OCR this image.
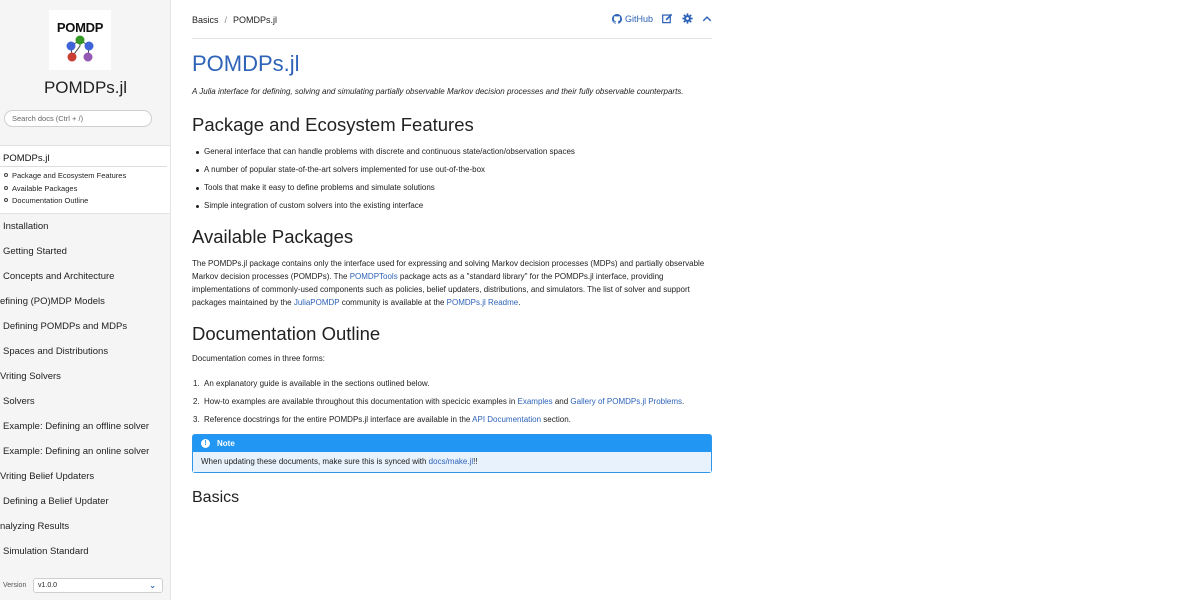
POMDP
POMDPs.jl
Search docs (Ctrl + /)
POMDPs.jl
Package and Ecosystem Features
Available Packages
Documentation Outline
Installation
Getting Started
Concepts and Architecture
efining (PO)MDP Models
Defining POMDPs and MDPs
Spaces and Distributions
Vriting Solvers
Solvers
Example: Defining an offline solver
Example: Defining an online solver
Vriting Belief Updaters
Defining a Belief Updater
nalyzing Results
Simulation Standard
Version	v1.0.0	⌄
Basics / POMDPs.jl	GitHub
POMDPs.jl

A Julia interface for defining, solving and simulating partially observable Markov decision processes and their fully observable counterparts.

Package and Ecosystem Features
General interface that can handle problems with discrete and continuous state/action/observation spaces
A number of popular state-of-the-art solvers implemented for use out-of-the-box
Tools that make it easy to define problems and simulate solutions
Simple integration of custom solvers into the existing interface
Available Packages

The POMDPs.jl package contains only the interface used for expressing and solving Markov decision processes (MDPs) and partially observable Markov decision processes (POMDPs). The POMDPTools package acts as a "standard library" for the POMDPs.jl interface, providing implementations of commonly-used components such as policies, belief updaters, distributions, and simulators. The list of solver and support packages maintained by the JuliaPOMDP community is available at the POMDPs.jl Readme.

Documentation Outline

Documentation comes in three forms:

1. An explanatory guide is available in the sections outlined below.
2. How-to examples are available throughout this documentation with specicic examples in Examples and Gallery of POMDPs.jl Problems.
3. Reference docstrings for the entire POMDPs.jl interface are available in the API Documentation section.
!	Note
When updating these documents, make sure this is synced with docs/make.jl!!
Basics
